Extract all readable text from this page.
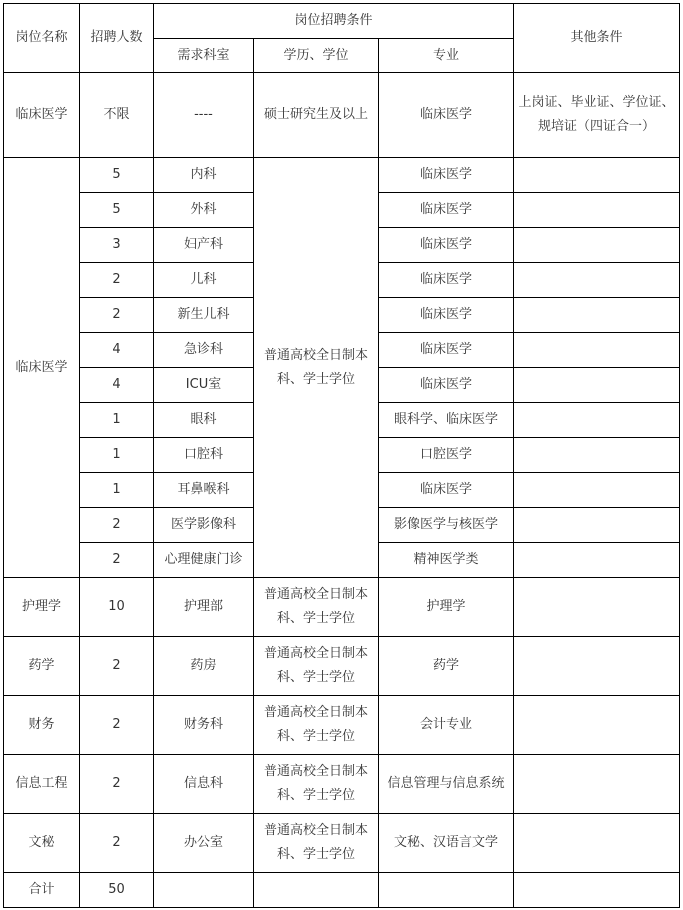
岗位名称	招聘人数	岗位招聘条件			其他条件
		需求科室	学历、学位	专业	
临床医学	不限	----	硕士研究生及以上	临床医学	上岗证、毕业证、学位证、规培证（四证合一）
临床医学	5	内科	普通高校全日制本科、学士学位	临床医学	
	5	外科		临床医学	
	3	妇产科		临床医学	
	2	儿科		临床医学	
	2	新生儿科		临床医学	
	4	急诊科		临床医学	
	4	ICU室		临床医学	
	1	眼科		眼科学、临床医学	
	1	口腔科		口腔医学	
	1	耳鼻喉科		临床医学	
	2	医学影像科		影像医学与核医学	
	2	心理健康门诊		精神医学类	
护理学	10	护理部	普通高校全日制本科、学士学位	护理学	
药学	2	药房	普通高校全日制本科、学士学位	药学	
财务	2	财务科	普通高校全日制本科、学士学位	会计专业	
信息工程	2	信息科	普通高校全日制本科、学士学位	信息管理与信息系统	
文秘	2	办公室	普通高校全日制本科、学士学位	文秘、汉语言文学	
合计	50				
